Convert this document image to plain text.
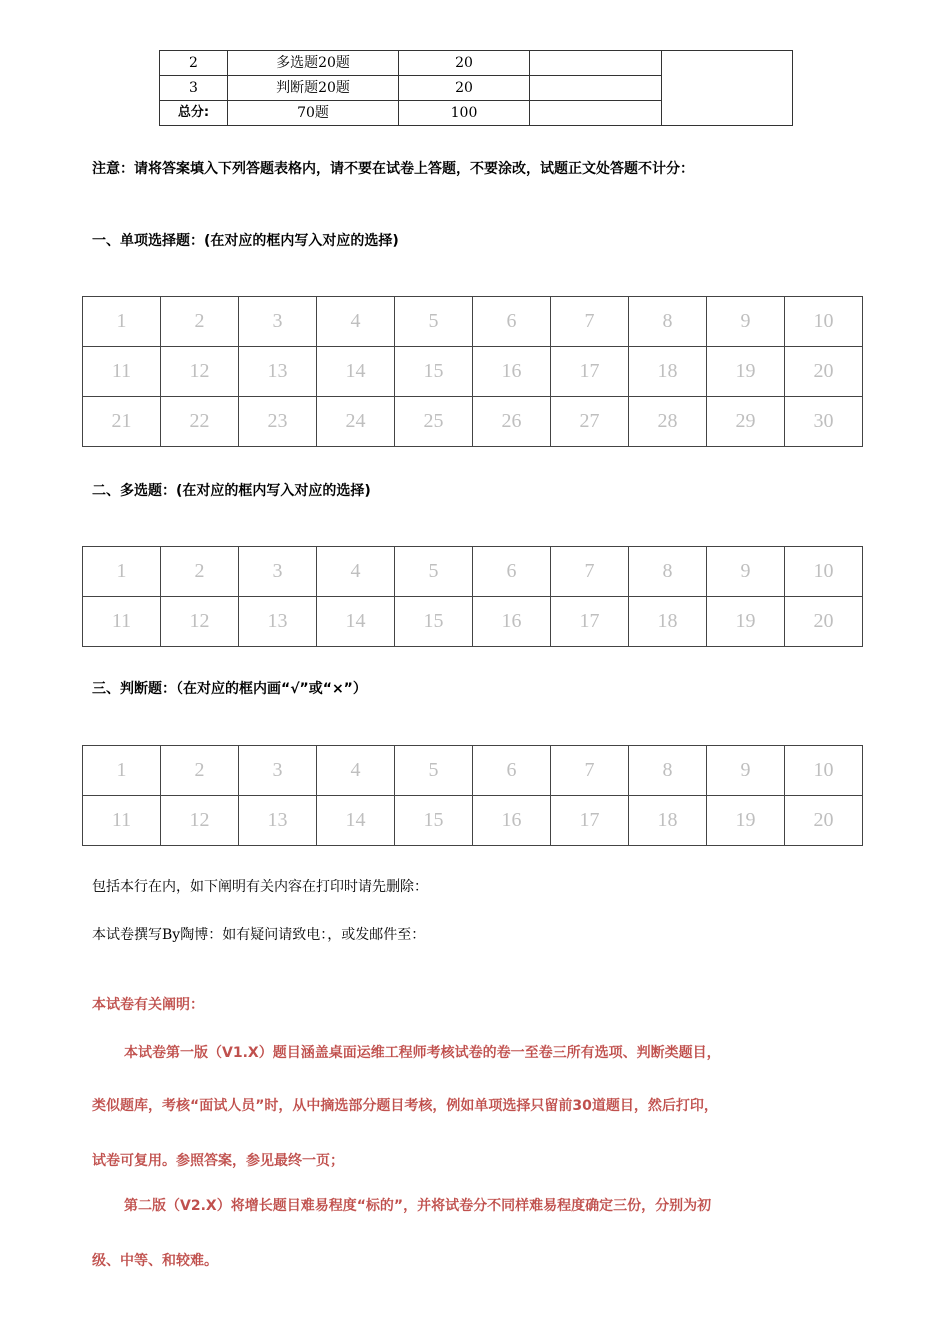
2	多选题20题	20		
3	判断题20题	20		
总分:	70题	100		
注意：请将答案填入下列答题表格内，请不要在试卷上答题，不要涂改，试题正文处答题不计分：
一、单项选择题：(在对应的框内写入对应的选择)
1	2	3	4	5	6	7	8	9	10
11	12	13	14	15	16	17	18	19	20
21	22	23	24	25	26	27	28	29	30
二、多选题：(在对应的框内写入对应的选择)
1	2	3	4	5	6	7	8	9	10
11	12	13	14	15	16	17	18	19	20
三、判断题：（在对应的框内画“√”或“×”）
1	2	3	4	5	6	7	8	9	10
11	12	13	14	15	16	17	18	19	20
包括本行在内，如下阐明有关内容在打印时请先删除：
本试卷撰写By陶博：如有疑问请致电：，或发邮件至：
本试卷有关阐明：
本试卷第一版（V1.X）题目涵盖桌面运维工程师考核试卷的卷一至卷三所有选项、判断类题目，
类似题库，考核“面试人员”时，从中摘选部分题目考核，例如单项选择只留前30道题目，然后打印，
试卷可复用。参照答案，参见最终一页；
第二版（V2.X）将增长题目难易程度“标的”，并将试卷分不同样难易程度确定三份，分别为初
级、中等、和较难。
